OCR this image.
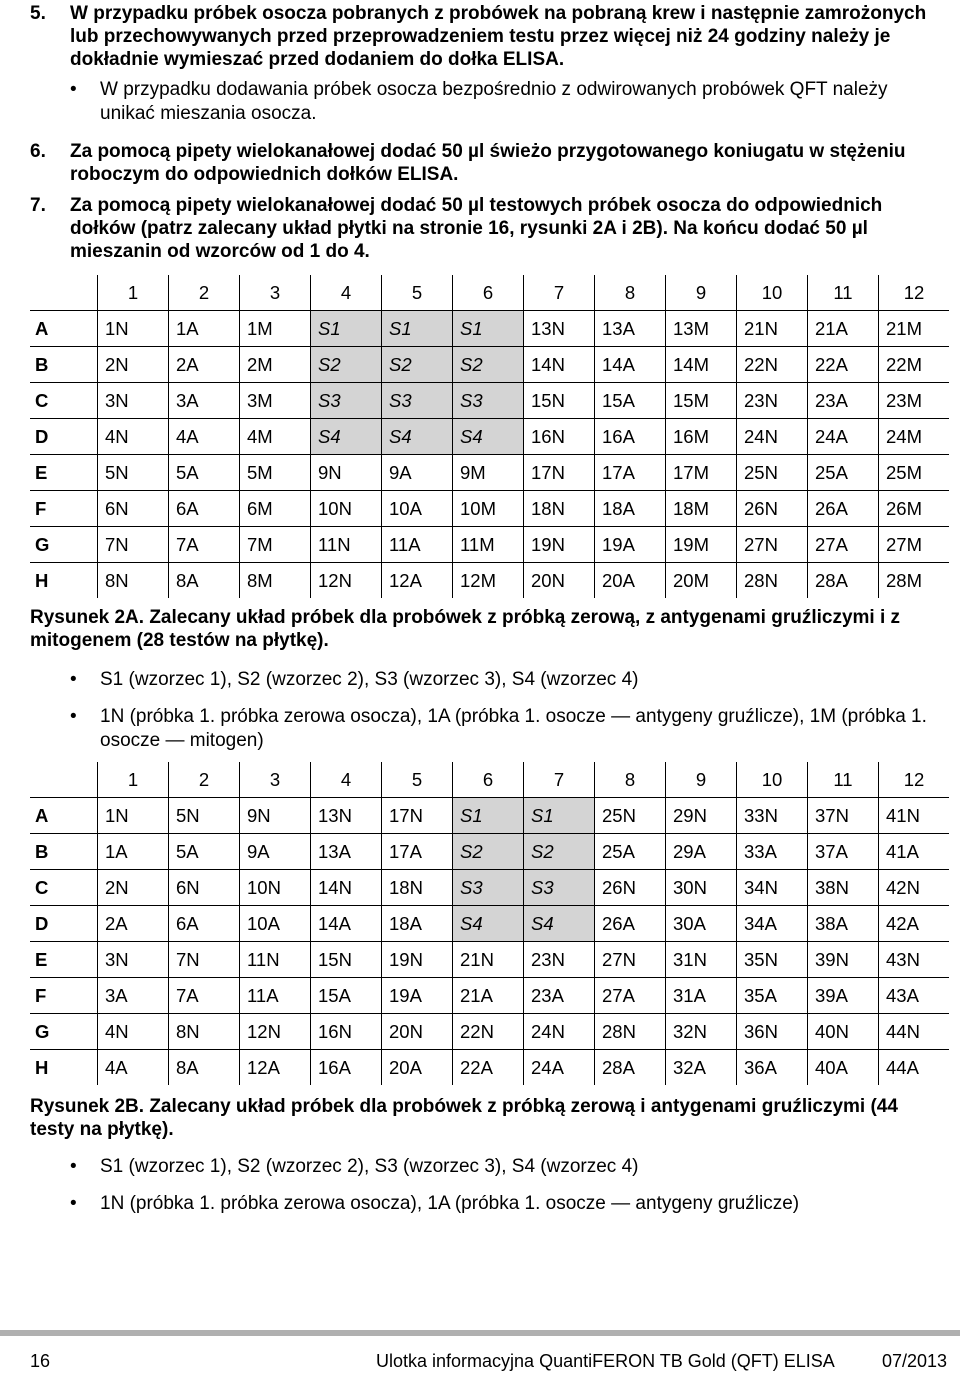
5. W przypadku próbek osocza pobranych z probówek na pobraną krew i następnie zamrożonych lub przechowywanych przed przeprowadzeniem testu przez więcej niż 24 godziny należy je dokładnie wymieszać przed dodaniem do dołka ELISA.
• W przypadku dodawania próbek osocza bezpośrednio z odwirowanych probówek QFT należy unikać mieszania osocza.
6. Za pomocą pipety wielokanałowej dodać 50 µl świeżo przygotowanego koniugatu w stężeniu roboczym do odpowiednich dołków ELISA.
7. Za pomocą pipety wielokanałowej dodać 50 µl testowych próbek osocza do odpowiednich dołków (patrz zalecany układ płytki na stronie 16, rysunki 2A i 2B). Na końcu dodać 50 µl mieszanin od wzorców od 1 do 4.
	1	2	3	4	5	6	7	8	9	10	11	12
A	1N	1A	1M	S1	S1	S1	13N	13A	13M	21N	21A	21M
B	2N	2A	2M	S2	S2	S2	14N	14A	14M	22N	22A	22M
C	3N	3A	3M	S3	S3	S3	15N	15A	15M	23N	23A	23M
D	4N	4A	4M	S4	S4	S4	16N	16A	16M	24N	24A	24M
E	5N	5A	5M	9N	9A	9M	17N	17A	17M	25N	25A	25M
F	6N	6A	6M	10N	10A	10M	18N	18A	18M	26N	26A	26M
G	7N	7A	7M	11N	11A	11M	19N	19A	19M	27N	27A	27M
H	8N	8A	8M	12N	12A	12M	20N	20A	20M	28N	28A	28M
Rysunek 2A. Zalecany układ próbek dla probówek z próbką zerową, z antygenami gruźliczymi i z mitogenem (28 testów na płytkę).
• S1 (wzorzec 1), S2 (wzorzec 2), S3 (wzorzec 3), S4 (wzorzec 4)
• 1N (próbka 1. próbka zerowa osocza), 1A (próbka 1. osocze — antygeny gruźlicze), 1M (próbka 1. osocze — mitogen)
	1	2	3	4	5	6	7	8	9	10	11	12
A	1N	5N	9N	13N	17N	S1	S1	25N	29N	33N	37N	41N
B	1A	5A	9A	13A	17A	S2	S2	25A	29A	33A	37A	41A
C	2N	6N	10N	14N	18N	S3	S3	26N	30N	34N	38N	42N
D	2A	6A	10A	14A	18A	S4	S4	26A	30A	34A	38A	42A
E	3N	7N	11N	15N	19N	21N	23N	27N	31N	35N	39N	43N
F	3A	7A	11A	15A	19A	21A	23A	27A	31A	35A	39A	43A
G	4N	8N	12N	16N	20N	22N	24N	28N	32N	36N	40N	44N
H	4A	8A	12A	16A	20A	22A	24A	28A	32A	36A	40A	44A
Rysunek 2B. Zalecany układ próbek dla probówek z próbką zerową i antygenami gruźliczymi (44 testy na płytkę).
• S1 (wzorzec 1), S2 (wzorzec 2), S3 (wzorzec 3), S4 (wzorzec 4)
• 1N (próbka 1. próbka zerowa osocza), 1A (próbka 1. osocze — antygeny gruźlicze)
16	Ulotka informacyjna QuantiFERON TB Gold (QFT) ELISA	07/2013
